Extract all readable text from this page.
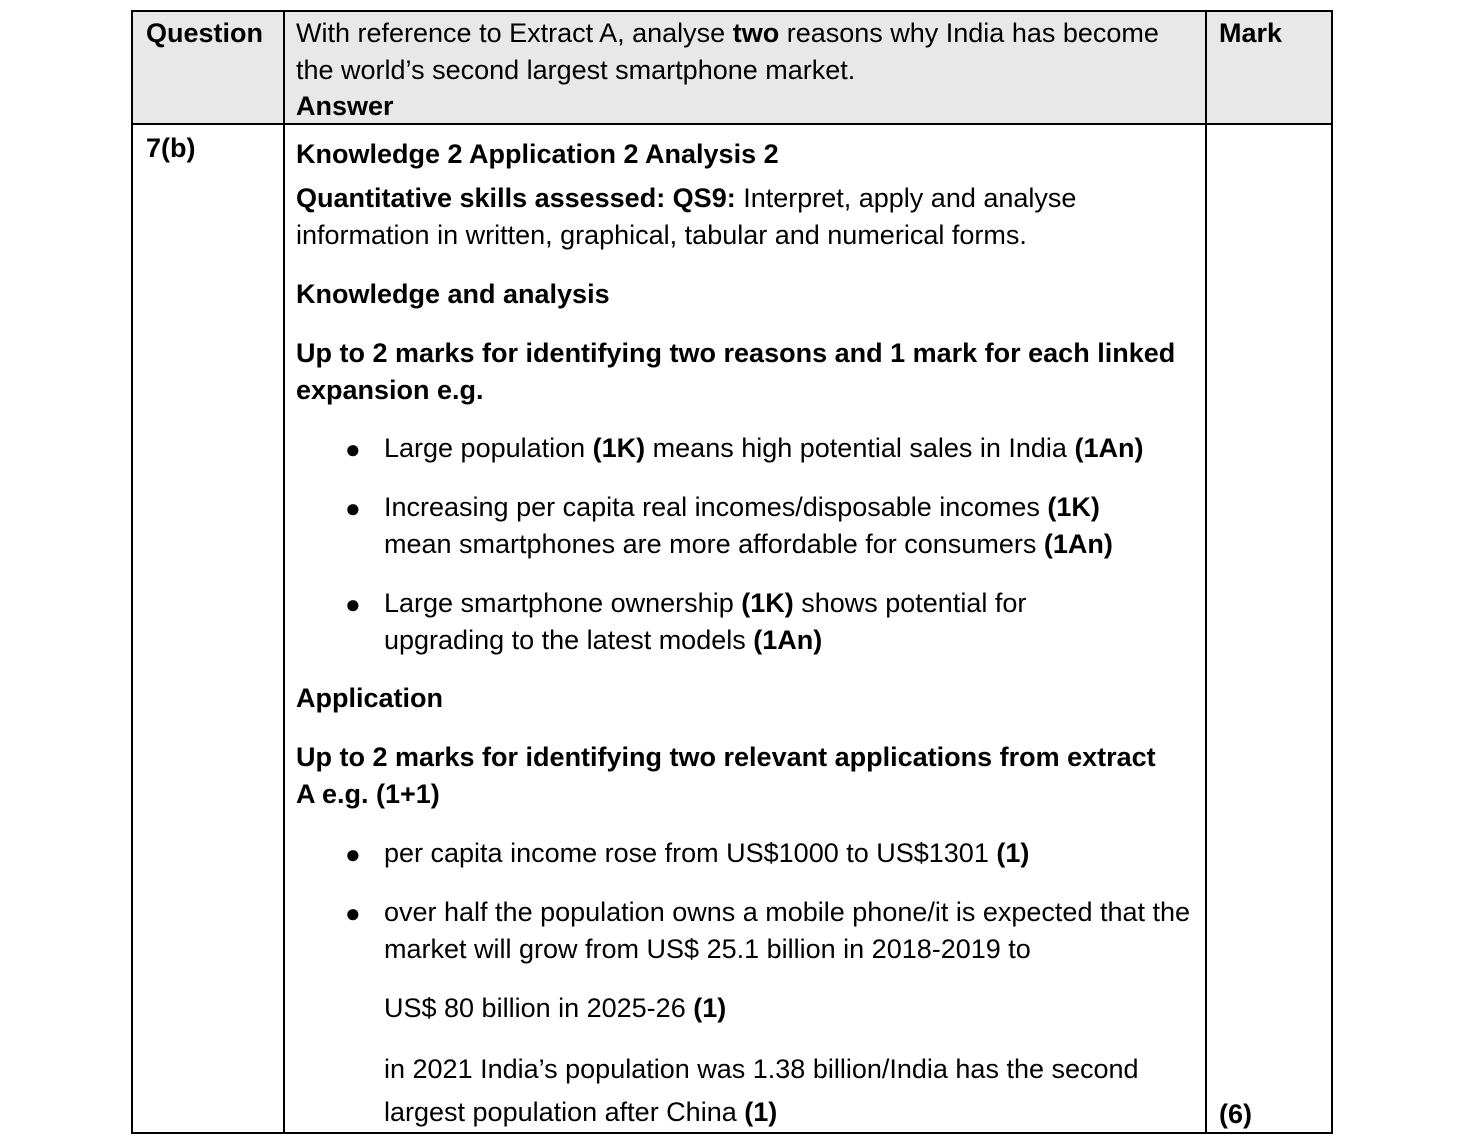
Question With reference to Extract A, analyse two reasons why India has become the world’s second largest smartphone market.
Answer
Mark
7(b)	Knowledge 2 Application 2 Analysis 2
Quantitative skills assessed: QS9: Interpret, apply and analyse information in written, graphical, tabular and numerical forms.
Knowledge and analysis
Up to 2 marks for identifying two reasons and 1 mark for each linked expansion e.g.
● Large population (1K) means high potential sales in India (1An)
● Increasing per capita real incomes/disposable incomes (1K) mean smartphones are more affordable for consumers (1An)
● Large smartphone ownership (1K) shows potential for upgrading to the latest models (1An)
Application
Up to 2 marks for identifying two relevant applications from extract A e.g. (1+1)
● per capita income rose from US$1000 to US$1301 (1)
● over half the population owns a mobile phone/it is expected that the market will grow from US$ 25.1 billion in 2018-2019 to
US$ 80 billion in 2025-26 (1)
in 2021 India’s population was 1.38 billion/India has the second largest population after China (1)	(6)
